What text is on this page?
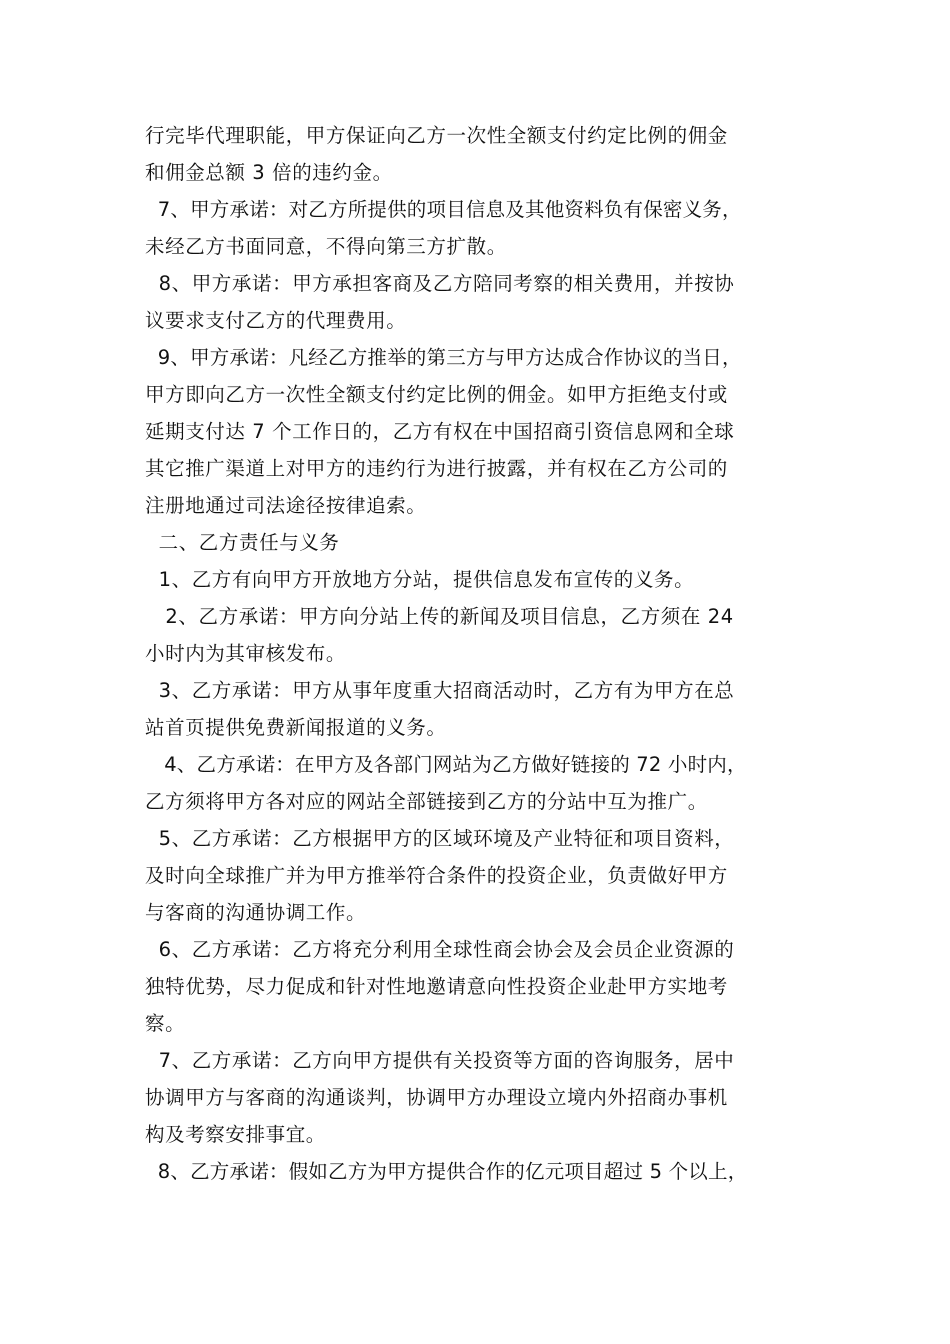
行完毕代理职能，甲方保证向乙方一次性全额支付约定比例的佣金
和佣金总额 3 倍的违约金。
7、甲方承诺：对乙方所提供的项目信息及其他资料负有保密义务，
未经乙方书面同意，不得向第三方扩散。
8、甲方承诺：甲方承担客商及乙方陪同考察的相关费用，并按协
议要求支付乙方的代理费用。
9、甲方承诺：凡经乙方推举的第三方与甲方达成合作协议的当日，
甲方即向乙方一次性全额支付约定比例的佣金。如甲方拒绝支付或
延期支付达 7 个工作日的，乙方有权在中国招商引资信息网和全球
其它推广渠道上对甲方的违约行为进行披露，并有权在乙方公司的
注册地通过司法途径按律追索。
二、乙方责任与义务
1、乙方有向甲方开放地方分站，提供信息发布宣传的义务。
2、乙方承诺：甲方向分站上传的新闻及项目信息，乙方须在 24
小时内为其审核发布。
3、乙方承诺：甲方从事年度重大招商活动时，乙方有为甲方在总
站首页提供免费新闻报道的义务。
4、乙方承诺：在甲方及各部门网站为乙方做好链接的 72 小时内，
乙方须将甲方各对应的网站全部链接到乙方的分站中互为推广。
5、乙方承诺：乙方根据甲方的区域环境及产业特征和项目资料，
及时向全球推广并为甲方推举符合条件的投资企业，负责做好甲方
与客商的沟通协调工作。
6、乙方承诺：乙方将充分利用全球性商会协会及会员企业资源的
独特优势，尽力促成和针对性地邀请意向性投资企业赴甲方实地考
察。
7、乙方承诺：乙方向甲方提供有关投资等方面的咨询服务，居中
协调甲方与客商的沟通谈判，协调甲方办理设立境内外招商办事机
构及考察安排事宜。
8、乙方承诺：假如乙方为甲方提供合作的亿元项目超过 5 个以上，
